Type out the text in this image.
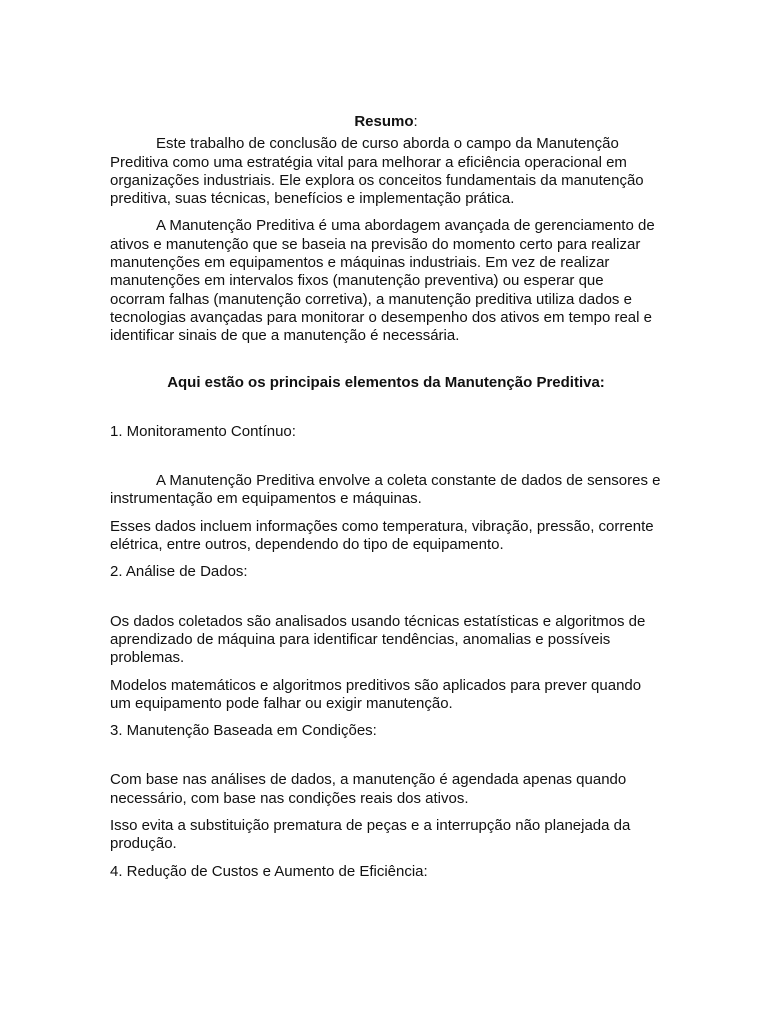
Resumo:

Este trabalho de conclusão de curso aborda o campo da Manutenção Preditiva como uma estratégia vital para melhorar a eficiência operacional em organizações industriais. Ele explora os conceitos fundamentais da manutenção preditiva, suas técnicas, benefícios e implementação prática.

A Manutenção Preditiva é uma abordagem avançada de gerenciamento de ativos e manutenção que se baseia na previsão do momento certo para realizar manutenções em equipamentos e máquinas industriais. Em vez de realizar manutenções em intervalos fixos (manutenção preventiva) ou esperar que ocorram falhas (manutenção corretiva), a manutenção preditiva utiliza dados e tecnologias avançadas para monitorar o desempenho dos ativos em tempo real e identificar sinais de que a manutenção é necessária.

Aqui estão os principais elementos da Manutenção Preditiva:

1. Monitoramento Contínuo:

A Manutenção Preditiva envolve a coleta constante de dados de sensores e instrumentação em equipamentos e máquinas.

Esses dados incluem informações como temperatura, vibração, pressão, corrente elétrica, entre outros, dependendo do tipo de equipamento.

2. Análise de Dados:

Os dados coletados são analisados usando técnicas estatísticas e algoritmos de aprendizado de máquina para identificar tendências, anomalias e possíveis problemas.

Modelos matemáticos e algoritmos preditivos são aplicados para prever quando um equipamento pode falhar ou exigir manutenção.

3. Manutenção Baseada em Condições:

Com base nas análises de dados, a manutenção é agendada apenas quando necessário, com base nas condições reais dos ativos.

Isso evita a substituição prematura de peças e a interrupção não planejada da produção.

4. Redução de Custos e Aumento de Eficiência:
